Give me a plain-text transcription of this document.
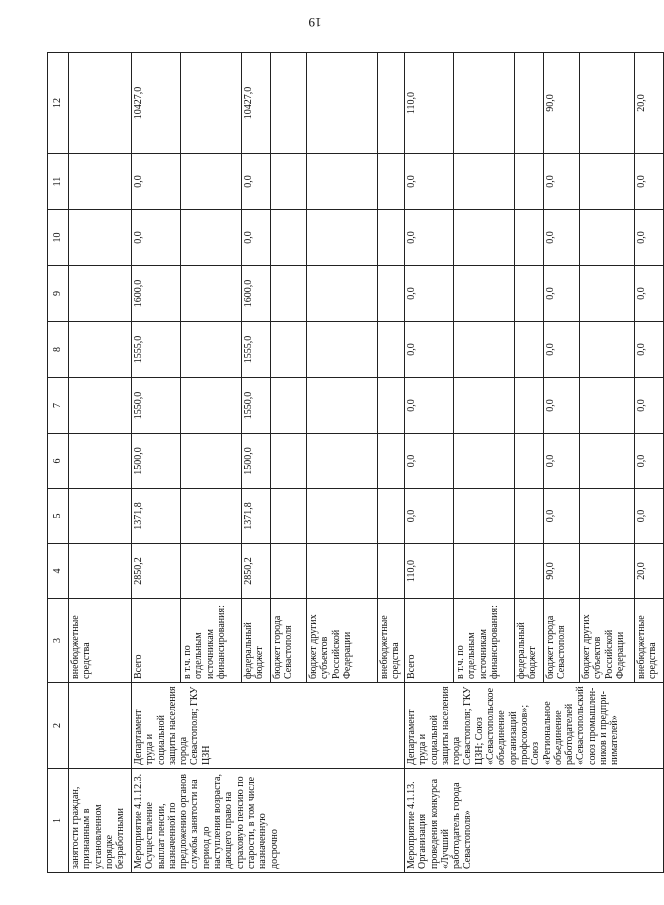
19
1	2	3	4	5	6	7	8	9	10	11	12
занятости граждан, признанным в установленном порядке безработными		внебюджетные средства									
Мероприятие 4.1.12.3. Осуществление выплат пенсии, назначенной по предложению органов службы занятости на период до наступления возраста, дающего право на страховую пенсию по старости, в том числе назначенную досрочно	Департамент труда и социальной защиты населения города Севастополя; ГКУ ЦЗН	Всего	2850,2	1371,8	1500,0	1550,0	1555,0	1600,0	0,0	0,0	10427,0
		в т.ч. по отдельным источникам финансирования:									
		федеральный бюджет	2850,2	1371,8	1500,0	1550,0	1555,0	1600,0	0,0	0,0	10427,0
		бюджет города Севастополя									
		бюджет других субъектов Российской Федерации									
		внебюджетные средства									
Мероприятие 4.1.13. Организация проведения конкурса «Лучший работодатель города Севастополя»	Департамент труда и социальной защиты населения города Севастополя; ГКУ ЦЗН; Союз «Севастопольское объединение организаций профсоюзов»; Союз «Региональное объединение работодателей «Севастопольский союз промышлен-ников и предпри-нимателей»	Всего	110,0	0,0	0,0	0,0	0,0	0,0	0,0	0,0	110,0
		в т.ч. по отдельным источникам финансирования:									
		федеральный бюджет									
		бюджет города Севастополя	90,0	0,0	0,0	0,0	0,0	0,0	0,0	0,0	90,0
		бюджет других субъектов Российской Федерации									
		внебюджетные средства	20,0	0,0	0,0	0,0	0,0	0,0	0,0	0,0	20,0
